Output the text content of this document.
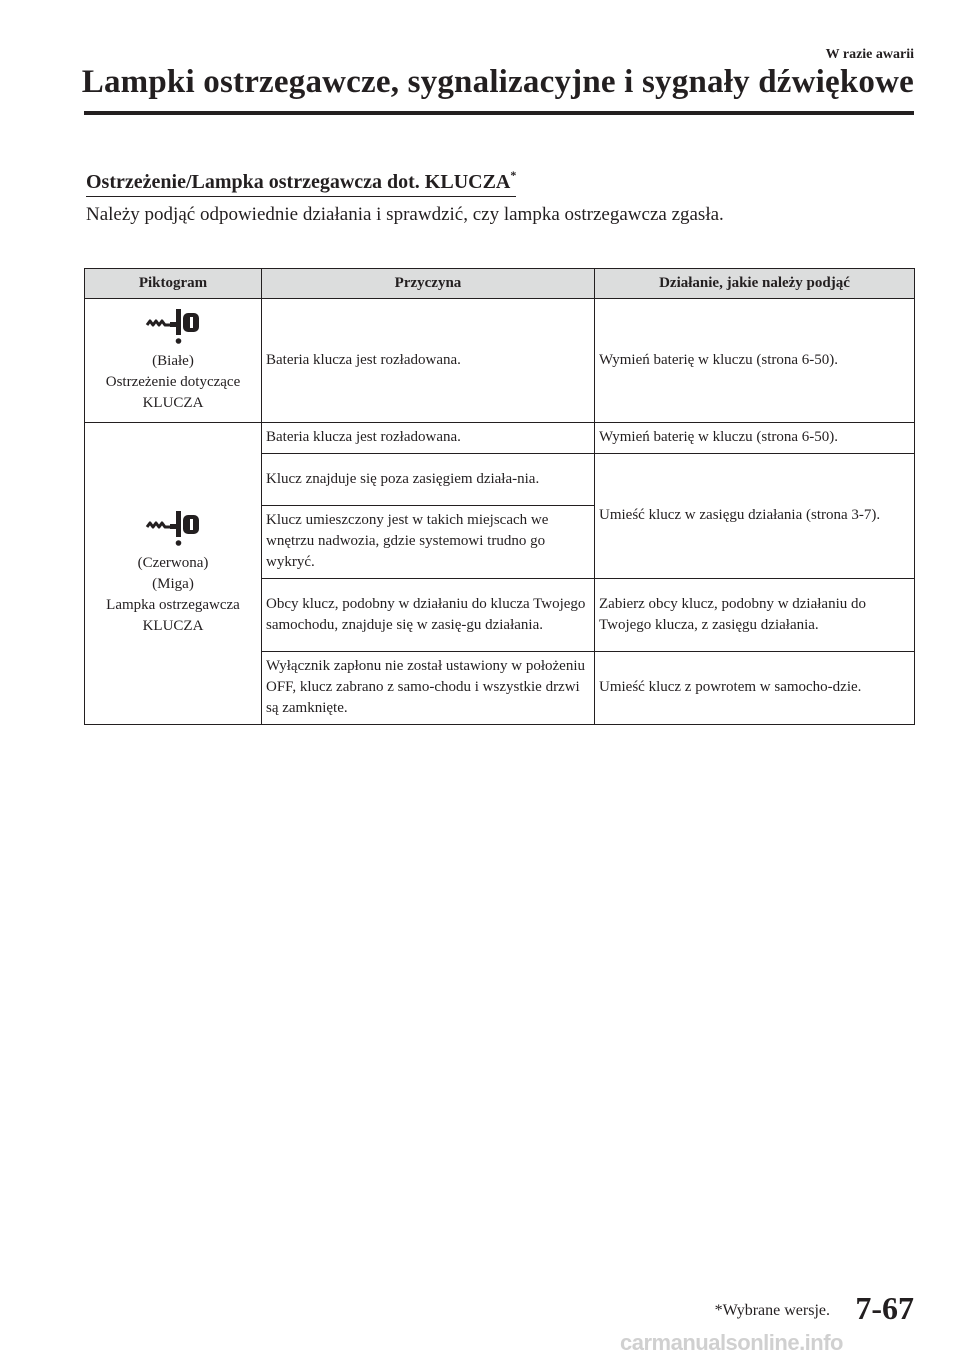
W razie awarii
Lampki ostrzegawcze, sygnalizacyjne i sygnały dźwiękowe
Ostrzeżenie/Lampka ostrzegawcza dot. KLUCZA*
Należy podjąć odpowiednie działania i sprawdzić, czy lampka ostrzegawcza zgasła.
Piktogram	Przyczyna	Działanie, jakie należy podjąć

(Białe)
Ostrzeżenie dotyczące
KLUCZA	Bateria klucza jest rozładowana.	Wymień baterię w kluczu (strona 6-50).

(Czerwona)
(Miga)
Lampka ostrzegawcza
KLUCZA	Bateria klucza jest rozładowana.	Wymień baterię w kluczu (strona 6-50).
	Klucz znajduje się poza zasięgiem działa-nia.	Umieść klucz w zasięgu działania (strona 3-7).
	Klucz umieszczony jest w takich miejscach we wnętrzu nadwozia, gdzie systemowi trudno go wykryć.	
	Obcy klucz, podobny w działaniu do klucza Twojego samochodu, znajduje się w zasię-gu działania.	Zabierz obcy klucz, podobny w działaniu do Twojego klucza, z zasięgu działania.
	Wyłącznik zapłonu nie został ustawiony w położeniu OFF, klucz zabrano z samo-chodu i wszystkie drzwi są zamknięte.	Umieść klucz z powrotem w samocho-dzie.
*Wybrane wersje. 7-67
carmanualsonline.info
